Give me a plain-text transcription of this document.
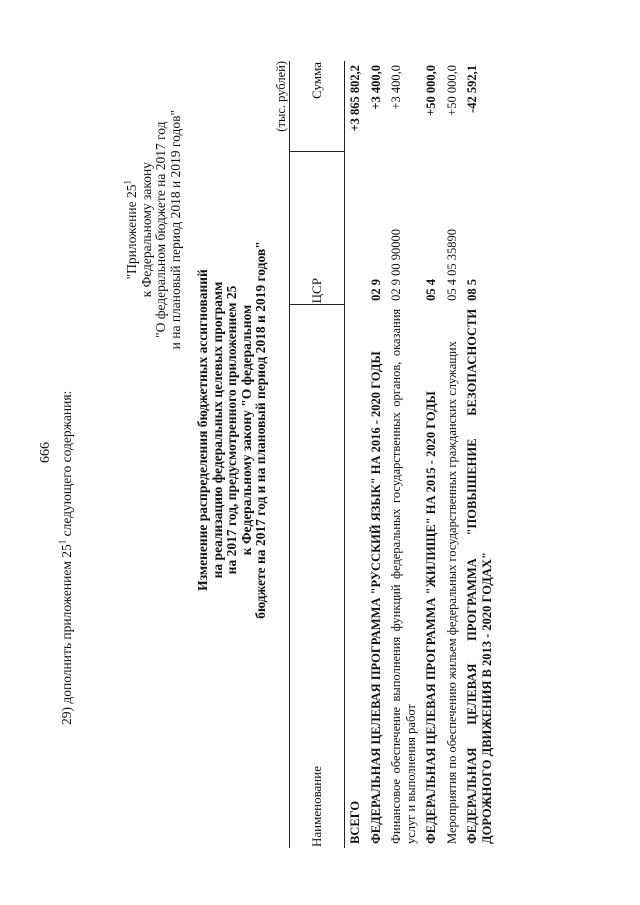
666
29) дополнить приложением $25^1$ следующего содержания:
"Приложение $25^1$ к Федеральному закону "О федеральном бюджете на 2017 год и на плановый период 2018 и 2019 годов"
Изменение распределения бюджетных ассигнований на реализацию федеральных целевых программ на 2017 год, предусмотренного приложением 25 к Федеральному закону "О федеральном бюджете на 2017 год и на плановый период 2018 и 2019 годов"
(тыс. рублей)
Наименование	ЦСР	Сумма
ВСЕГО		+3 865 802,2
ФЕДЕРАЛЬНАЯ ЦЕЛЕВАЯ ПРОГРАММА "РУССКИЙ ЯЗЫК" НА 2016 - 2020 ГОДЫ	02 9	+3 400,0
Финансовое обеспечение выполнения функций федеральных государственных органов, оказания услуг и выполнения работ	02 9 00 90000	+3 400,0
ФЕДЕРАЛЬНАЯ ЦЕЛЕВАЯ ПРОГРАММА "ЖИЛИЩЕ" НА 2015 - 2020 ГОДЫ	05 4	+50 000,0
Мероприятия по обеспечению жильем федеральных государственных гражданских служащих	05 4 05 35890	+50 000,0
ФЕДЕРАЛЬНАЯ ЦЕЛЕВАЯ ПРОГРАММА "ПОВЫШЕНИЕ БЕЗОПАСНОСТИ ДОРОЖНОГО ДВИЖЕНИЯ В 2013 - 2020 ГОДАХ"	08 5	-42 592,1
